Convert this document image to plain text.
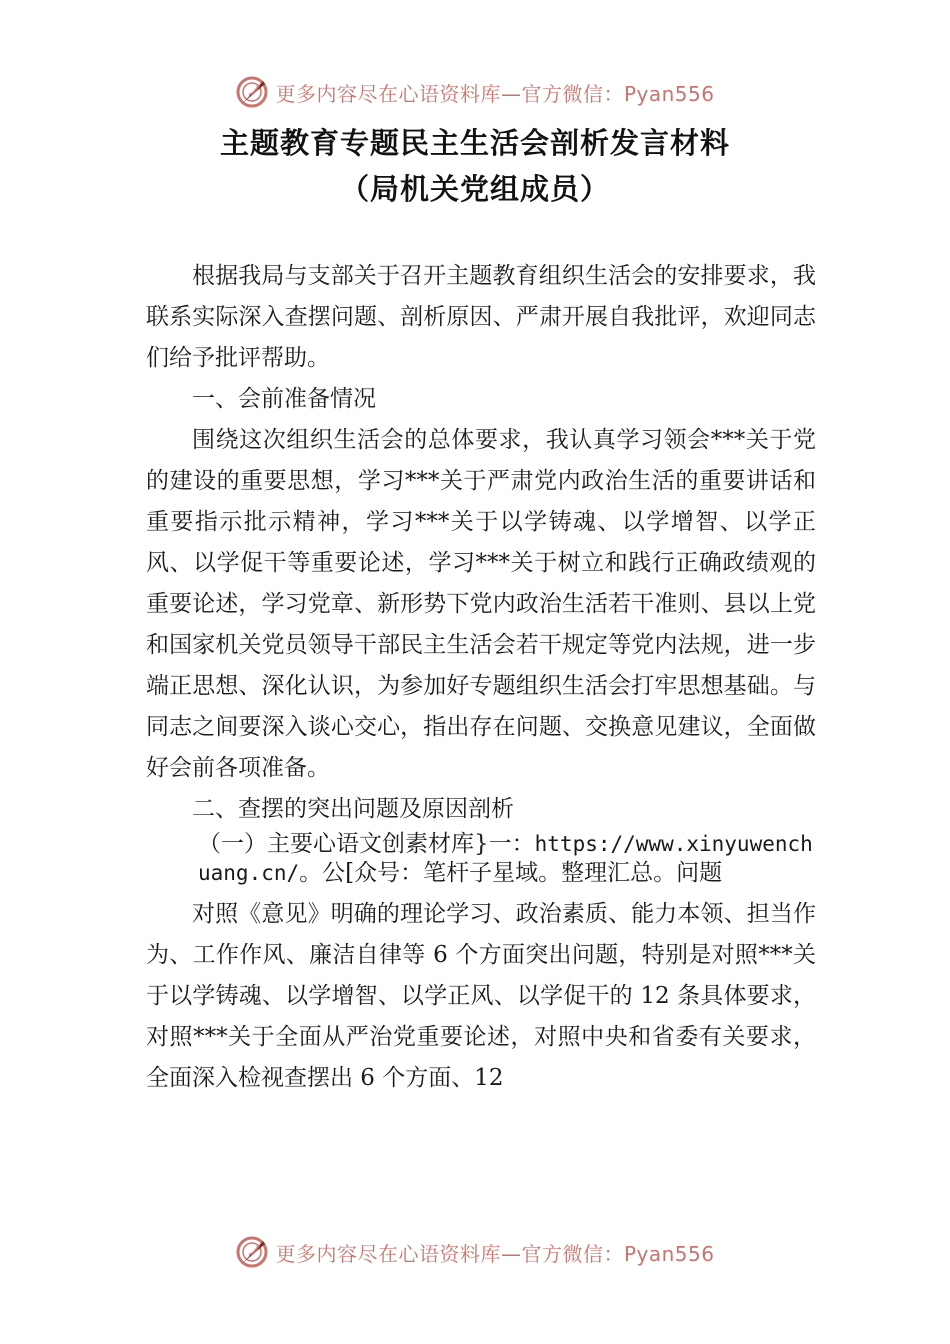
更多内容尽在心语资料库—官方微信：Pyan556
主题教育专题民主生活会剖析发言材料
（局机关党组成员）

根据我局与支部关于召开主题教育组织生活会的安排要求，我联系实际深入查摆问题、剖析原因、严肃开展自我批评，欢迎同志们给予批评帮助。

一、会前准备情况

围绕这次组织生活会的总体要求，我认真学习领会***关于党的建设的重要思想，学习***关于严肃党内政治生活的重要讲话和重要指示批示精神，学习***关于以学铸魂、以学增智、以学正风、以学促干等重要论述，学习***关于树立和践行正确政绩观的重要论述，学习党章、新形势下党内政治生活若干准则、县以上党和国家机关党员领导干部民主生活会若干规定等党内法规，进一步端正思想、深化认识，为参加好专题组织生活会打牢思想基础。与同志之间要深入谈心交心，指出存在问题、交换意见建议，全面做好会前各项准备。

二、查摆的突出问题及原因剖析

（一）主要心语文创素材库}一：https://www.xinyuwenchuang.cn/。公[众号：笔杆子星域。整理汇总。问题

对照《意见》明确的理论学习、政治素质、能力本领、担当作为、工作作风、廉洁自律等 6 个方面突出问题，特别是对照***关于以学铸魂、以学增智、以学正风、以学促干的 12 条具体要求，对照***关于全面从严治党重要论述，对照中央和省委有关要求，全面深入检视查摆出 6 个方面、12

更多内容尽在心语资料库—官方微信：Pyan556
